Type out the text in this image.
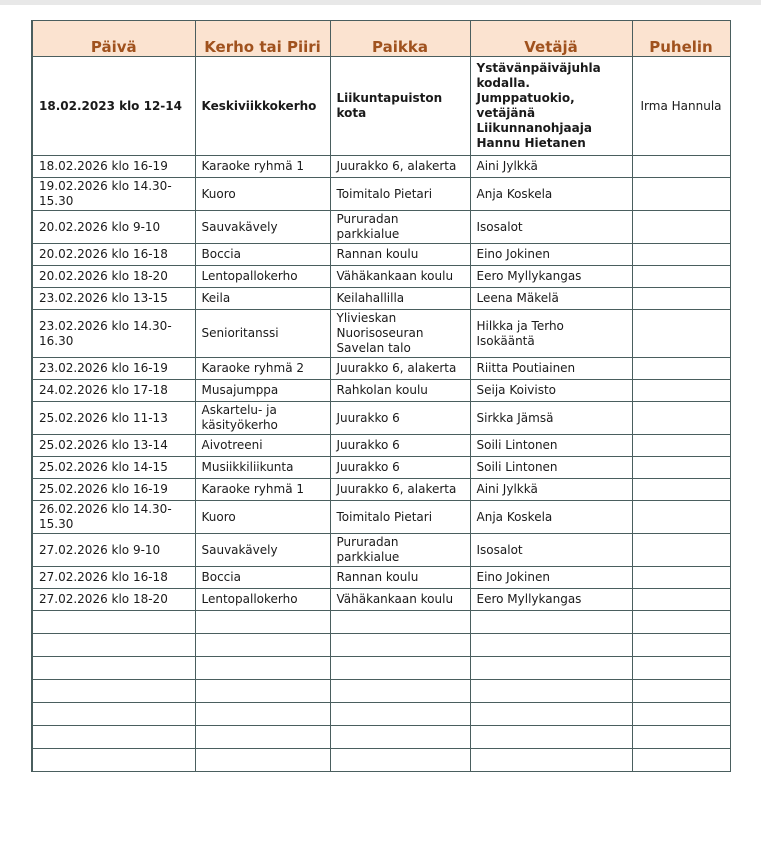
Päivä	Kerho tai Piiri	Paikka	Vetäjä	Puhelin
18.02.2023 klo 12-14	Keskiviikkokerho	Liikuntapuiston kota	Ystävänpäiväjuhla kodalla. Jumppatuokio, vetäjänä Liikunnanohjaaja Hannu Hietanen	Irma Hannula
18.02.2026 klo 16-19	Karaoke ryhmä 1	Juurakko 6, alakerta	Aini Jylkkä	
19.02.2026 klo 14.30-15.30	Kuoro	Toimitalo Pietari	Anja Koskela	
20.02.2026 klo 9-10	Sauvakävely	Pururadan parkkialue	Isosalot	
20.02.2026 klo 16-18	Boccia	Rannan koulu	Eino Jokinen	
20.02.2026 klo 18-20	Lentopallokerho	Vähäkankaan koulu	Eero Myllykangas	
23.02.2026 klo 13-15	Keila	Keilahallilla	Leena Mäkelä	
23.02.2026 klo 14.30-16.30	Senioritanssi	Ylivieskan Nuorisoseuran Savelan talo	Hilkka ja Terho Isokääntä	
23.02.2026 klo 16-19	Karaoke ryhmä 2	Juurakko 6, alakerta	Riitta Poutiainen	
24.02.2026 klo 17-18	Musajumppa	Rahkolan koulu	Seija Koivisto	
25.02.2026 klo 11-13	Askartelu- ja käsityökerho	Juurakko 6	Sirkka Jämsä	
25.02.2026 klo 13-14	Aivotreeni	Juurakko 6	Soili Lintonen	
25.02.2026 klo 14-15	Musiikkiliikunta	Juurakko 6	Soili Lintonen	
25.02.2026 klo 16-19	Karaoke ryhmä 1	Juurakko 6, alakerta	Aini Jylkkä	
26.02.2026 klo 14.30-15.30	Kuoro	Toimitalo Pietari	Anja Koskela	
27.02.2026 klo 9-10	Sauvakävely	Pururadan parkkialue	Isosalot	
27.02.2026 klo 16-18	Boccia	Rannan koulu	Eino Jokinen	
27.02.2026 klo 18-20	Lentopallokerho	Vähäkankaan koulu	Eero Myllykangas	
